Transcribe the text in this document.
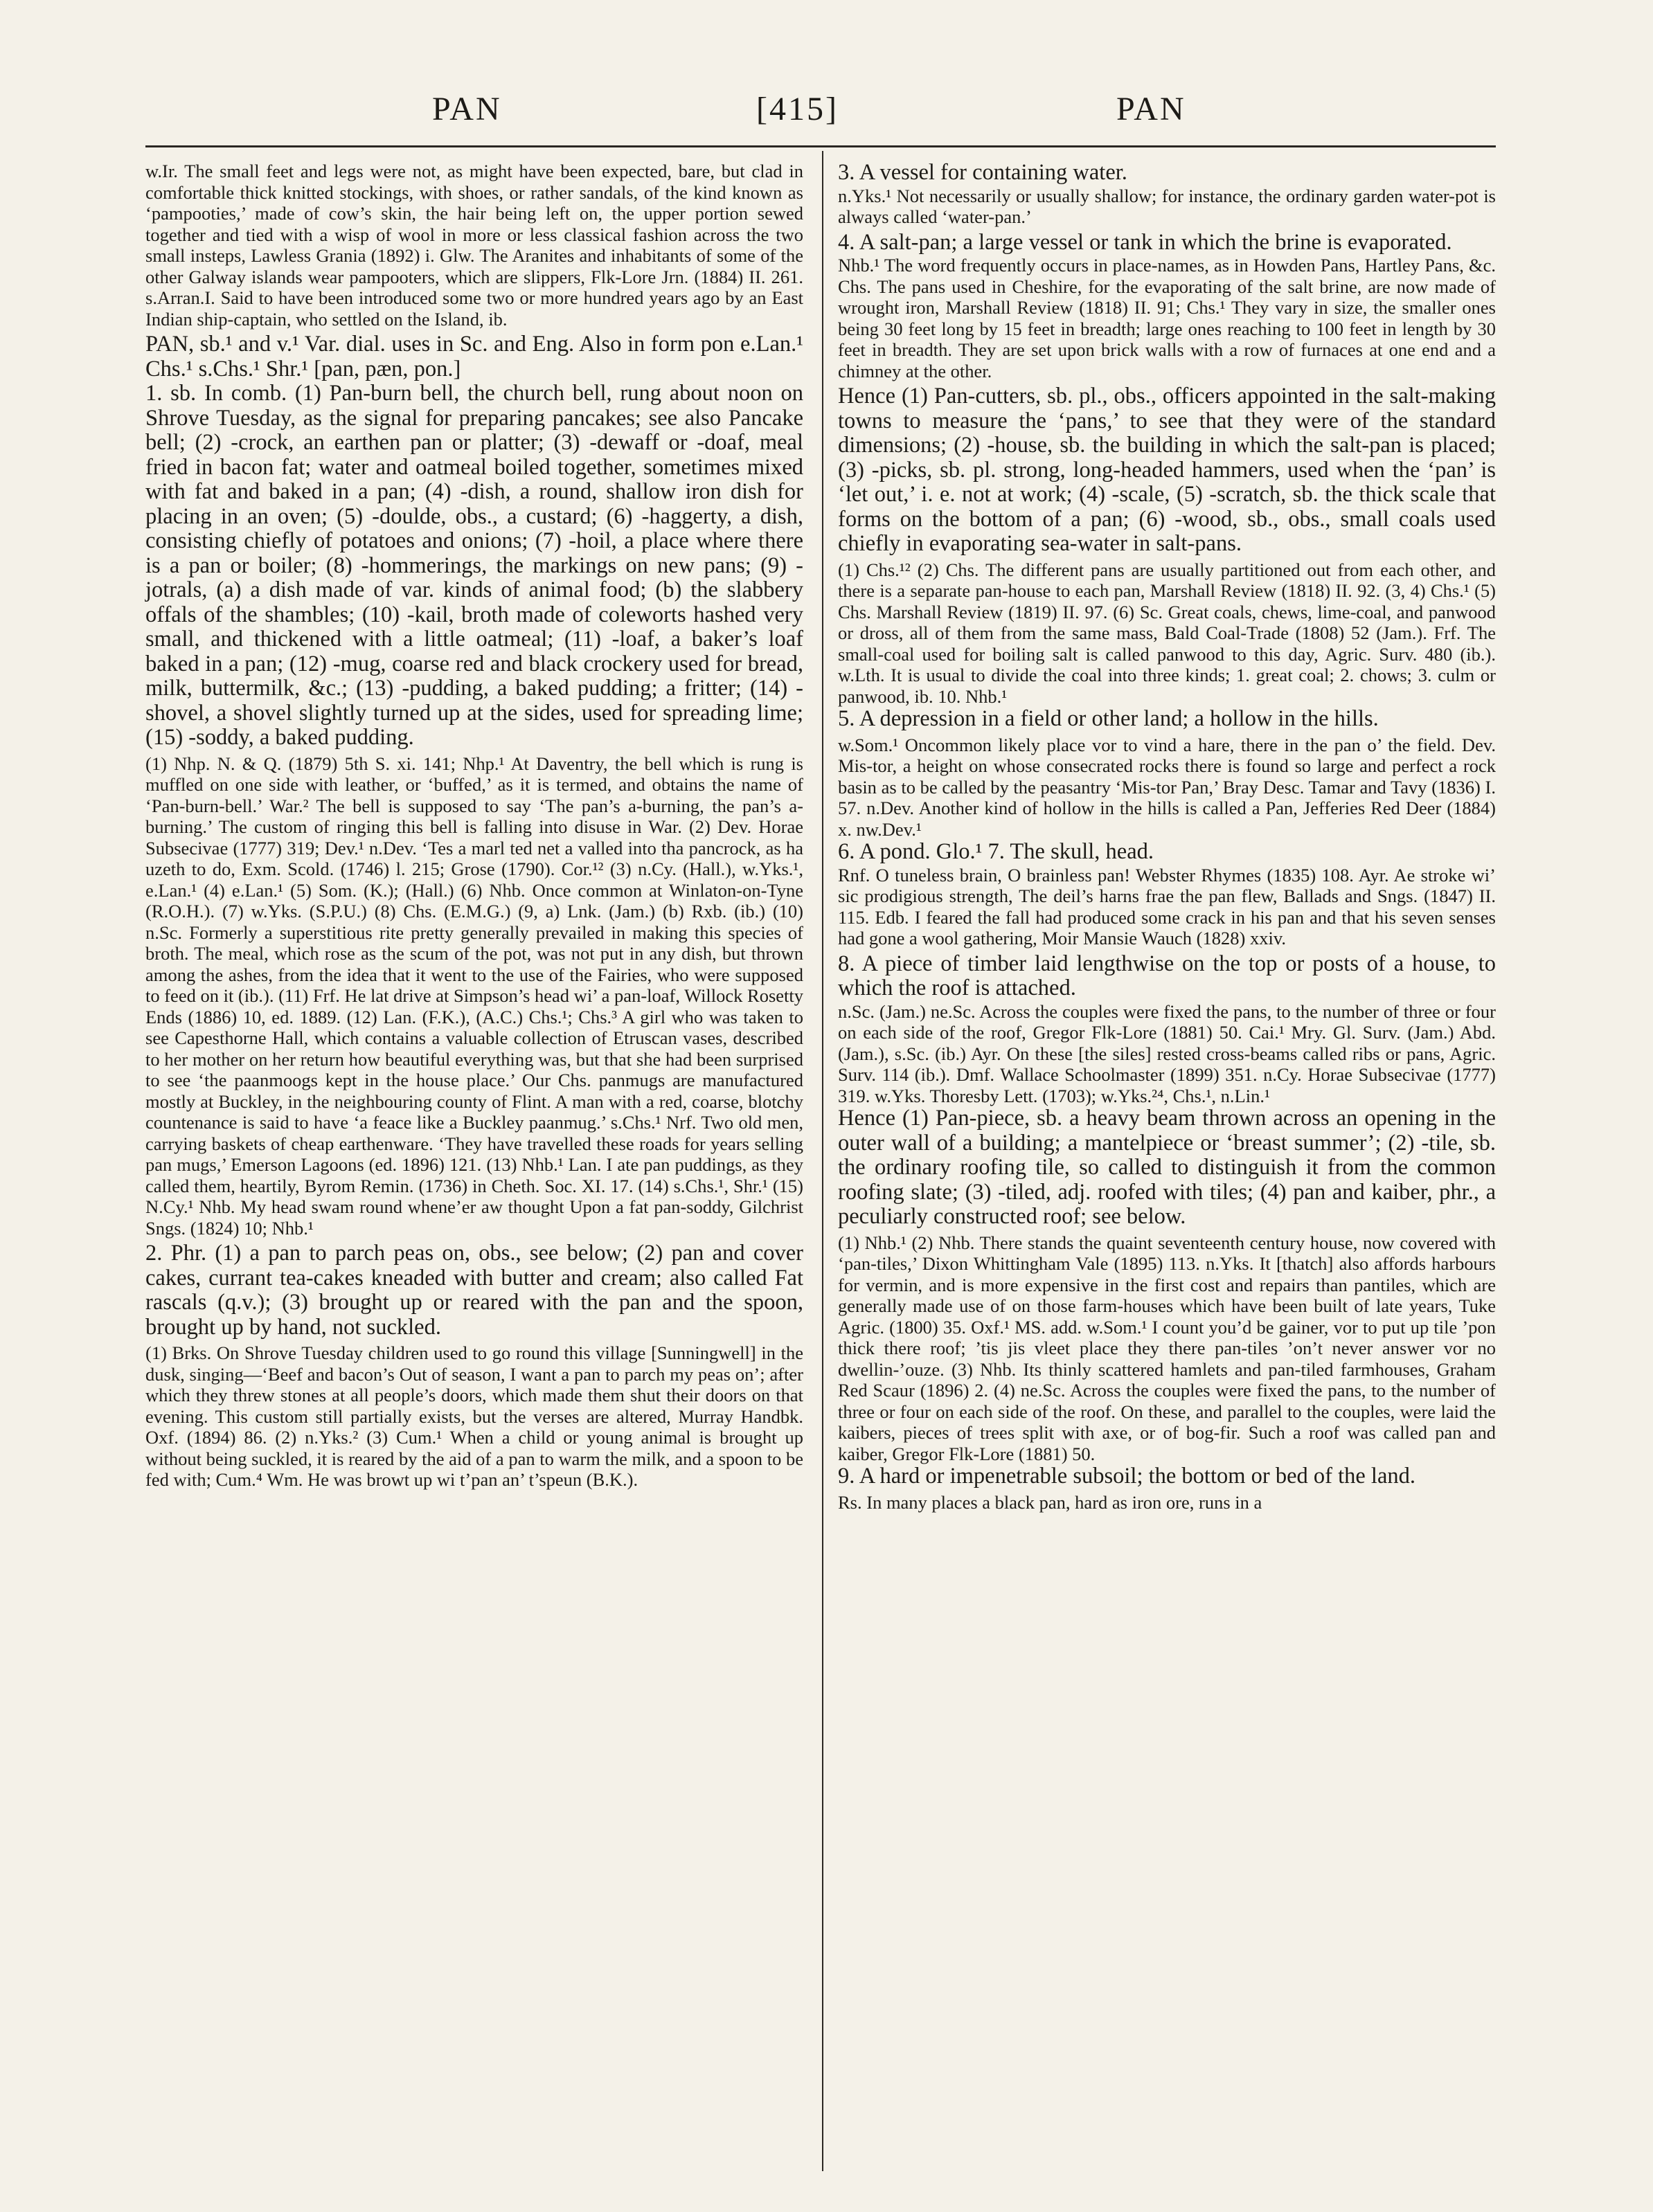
PAN	[415]	PAN

w.Ir. The small feet and legs were not, as might have been expected, bare, but clad in comfortable thick knitted stockings, with shoes, or rather sandals, of the kind known as ‘pampooties,’ made of cow’s skin, the hair being left on, the upper portion sewed together and tied with a wisp of wool in more or less classical fashion across the two small insteps, Lawless Grania (1892) i. Glw. The Aranites and inhabitants of some of the other Galway islands wear pampooters, which are slippers, Flk-Lore Jrn. (1884) II. 261. s.Arran.I. Said to have been introduced some two or more hundred years ago by an East Indian ship-captain, who settled on the Island, ib.

PAN, sb.¹ and v.¹ Var. dial. uses in Sc. and Eng. Also in form pon e.Lan.¹ Chs.¹ s.Chs.¹ Shr.¹ [pan, pæn, pon.]

1. sb. In comb. (1) Pan-burn bell, the church bell, rung about noon on Shrove Tuesday, as the signal for preparing pancakes; see also Pancake bell; (2) -crock, an earthen pan or platter; (3) -dewaff or -doaf, meal fried in bacon fat; water and oatmeal boiled together, sometimes mixed with fat and baked in a pan; (4) -dish, a round, shallow iron dish for placing in an oven; (5) -doulde, obs., a custard; (6) -haggerty, a dish, consisting chiefly of potatoes and onions; (7) -hoil, a place where there is a pan or boiler; (8) -hommerings, the markings on new pans; (9) -jotrals, (a) a dish made of var. kinds of animal food; (b) the slabbery offals of the shambles; (10) -kail, broth made of coleworts hashed very small, and thickened with a little oatmeal; (11) -loaf, a baker’s loaf baked in a pan; (12) -mug, coarse red and black crockery used for bread, milk, buttermilk, &c.; (13) -pudding, a baked pudding; a fritter; (14) -shovel, a shovel slightly turned up at the sides, used for spreading lime; (15) -soddy, a baked pudding.

(1) Nhp. N. & Q. (1879) 5th S. xi. 141; Nhp.¹ At Daventry, the bell which is rung is muffled on one side with leather, or ‘buffed,’ as it is termed, and obtains the name of ‘Pan-burn-bell.’ War.² The bell is supposed to say ‘The pan’s a-burning, the pan’s a-burning.’ The custom of ringing this bell is falling into disuse in War. (2) Dev. Horae Subsecivae (1777) 319; Dev.¹ n.Dev. ‘Tes a marl ted net a valled into tha pancrock, as ha uzeth to do, Exm. Scold. (1746) l. 215; Grose (1790). Cor.¹² (3) n.Cy. (Hall.), w.Yks.¹, e.Lan.¹ (4) e.Lan.¹ (5) Som. (K.); (Hall.) (6) Nhb. Once common at Winlaton-on-Tyne (R.O.H.). (7) w.Yks. (S.P.U.) (8) Chs. (E.M.G.) (9, a) Lnk. (Jam.) (b) Rxb. (ib.) (10) n.Sc. Formerly a superstitious rite pretty generally prevailed in making this species of broth. The meal, which rose as the scum of the pot, was not put in any dish, but thrown among the ashes, from the idea that it went to the use of the Fairies, who were supposed to feed on it (ib.). (11) Frf. He lat drive at Simpson’s head wi’ a pan-loaf, Willock Rosetty Ends (1886) 10, ed. 1889. (12) Lan. (F.K.), (A.C.) Chs.¹; Chs.³ A girl who was taken to see Capesthorne Hall, which contains a valuable collection of Etruscan vases, described to her mother on her return how beautiful everything was, but that she had been surprised to see ‘the paanmoogs kept in the house place.’ Our Chs. panmugs are manufactured mostly at Buckley, in the neighbouring county of Flint. A man with a red, coarse, blotchy countenance is said to have ‘a feace like a Buckley paanmug.’ s.Chs.¹ Nrf. Two old men, carrying baskets of cheap earthenware. ‘They have travelled these roads for years selling pan mugs,’ Emerson Lagoons (ed. 1896) 121. (13) Nhb.¹ Lan. I ate pan puddings, as they called them, heartily, Byrom Remin. (1736) in Cheth. Soc. XI. 17. (14) s.Chs.¹, Shr.¹ (15) N.Cy.¹ Nhb. My head swam round whene’er aw thought Upon a fat pan-soddy, Gilchrist Sngs. (1824) 10; Nhb.¹

2. Phr. (1) a pan to parch peas on, obs., see below; (2) pan and cover cakes, currant tea-cakes kneaded with butter and cream; also called Fat rascals (q.v.); (3) brought up or reared with the pan and the spoon, brought up by hand, not suckled.

(1) Brks. On Shrove Tuesday children used to go round this village [Sunningwell] in the dusk, singing—‘Beef and bacon’s Out of season, I want a pan to parch my peas on’; after which they threw stones at all people’s doors, which made them shut their doors on that evening. This custom still partially exists, but the verses are altered, Murray Handbk. Oxf. (1894) 86. (2) n.Yks.² (3) Cum.¹ When a child or young animal is brought up without being suckled, it is reared by the aid of a pan to warm the milk, and a spoon to be fed with; Cum.⁴ Wm. He was browt up wi t’pan an’ t’speun (B.K.).

3. A vessel for containing water.

n.Yks.¹ Not necessarily or usually shallow; for instance, the ordinary garden water-pot is always called ‘water-pan.’

4. A salt-pan; a large vessel or tank in which the brine is evaporated.

Nhb.¹ The word frequently occurs in place-names, as in Howden Pans, Hartley Pans, &c. Chs. The pans used in Cheshire, for the evaporating of the salt brine, are now made of wrought iron, Marshall Review (1818) II. 91; Chs.¹ They vary in size, the smaller ones being 30 feet long by 15 feet in breadth; large ones reaching to 100 feet in length by 30 feet in breadth. They are set upon brick walls with a row of furnaces at one end and a chimney at the other.

Hence (1) Pan-cutters, sb. pl., obs., officers appointed in the salt-making towns to measure the ‘pans,’ to see that they were of the standard dimensions; (2) -house, sb. the building in which the salt-pan is placed; (3) -picks, sb. pl. strong, long-headed hammers, used when the ‘pan’ is ‘let out,’ i. e. not at work; (4) -scale, (5) -scratch, sb. the thick scale that forms on the bottom of a pan; (6) -wood, sb., obs., small coals used chiefly in evaporating sea-water in salt-pans.

(1) Chs.¹² (2) Chs. The different pans are usually partitioned out from each other, and there is a separate pan-house to each pan, Marshall Review (1818) II. 92. (3, 4) Chs.¹ (5) Chs. Marshall Review (1819) II. 97. (6) Sc. Great coals, chews, lime-coal, and panwood or dross, all of them from the same mass, Bald Coal-Trade (1808) 52 (Jam.). Frf. The small-coal used for boiling salt is called panwood to this day, Agric. Surv. 480 (ib.). w.Lth. It is usual to divide the coal into three kinds; 1. great coal; 2. chows; 3. culm or panwood, ib. 10. Nhb.¹

5. A depression in a field or other land; a hollow in the hills.

w.Som.¹ Oncommon likely place vor to vind a hare, there in the pan o’ the field. Dev. Mis-tor, a height on whose consecrated rocks there is found so large and perfect a rock basin as to be called by the peasantry ‘Mis-tor Pan,’ Bray Desc. Tamar and Tavy (1836) I. 57. n.Dev. Another kind of hollow in the hills is called a Pan, Jefferies Red Deer (1884) x. nw.Dev.¹

6. A pond. Glo.¹ 7. The skull, head.

Rnf. O tuneless brain, O brainless pan! Webster Rhymes (1835) 108. Ayr. Ae stroke wi’ sic prodigious strength, The deil’s harns frae the pan flew, Ballads and Sngs. (1847) II. 115. Edb. I feared the fall had produced some crack in his pan and that his seven senses had gone a wool gathering, Moir Mansie Wauch (1828) xxiv.

8. A piece of timber laid lengthwise on the top or posts of a house, to which the roof is attached.

n.Sc. (Jam.) ne.Sc. Across the couples were fixed the pans, to the number of three or four on each side of the roof, Gregor Flk-Lore (1881) 50. Cai.¹ Mry. Gl. Surv. (Jam.) Abd. (Jam.), s.Sc. (ib.) Ayr. On these [the siles] rested cross-beams called ribs or pans, Agric. Surv. 114 (ib.). Dmf. Wallace Schoolmaster (1899) 351. n.Cy. Horae Subsecivae (1777) 319. w.Yks. Thoresby Lett. (1703); w.Yks.²⁴, Chs.¹, n.Lin.¹

Hence (1) Pan-piece, sb. a heavy beam thrown across an opening in the outer wall of a building; a mantelpiece or ‘breast summer’; (2) -tile, sb. the ordinary roofing tile, so called to distinguish it from the common roofing slate; (3) -tiled, adj. roofed with tiles; (4) pan and kaiber, phr., a peculiarly constructed roof; see below.

(1) Nhb.¹ (2) Nhb. There stands the quaint seventeenth century house, now covered with ‘pan-tiles,’ Dixon Whittingham Vale (1895) 113. n.Yks. It [thatch] also affords harbours for vermin, and is more expensive in the first cost and repairs than pantiles, which are generally made use of on those farm-houses which have been built of late years, Tuke Agric. (1800) 35. Oxf.¹ MS. add. w.Som.¹ I count you’d be gainer, vor to put up tile ’pon thick there roof; ’tis jis vleet place they there pan-tiles ’on’t never answer vor no dwellin-’ouze. (3) Nhb. Its thinly scattered hamlets and pan-tiled farmhouses, Graham Red Scaur (1896) 2. (4) ne.Sc. Across the couples were fixed the pans, to the number of three or four on each side of the roof. On these, and parallel to the couples, were laid the kaibers, pieces of trees split with axe, or of bog-fir. Such a roof was called pan and kaiber, Gregor Flk-Lore (1881) 50.

9. A hard or impenetrable subsoil; the bottom or bed of the land.

Rs. In many places a black pan, hard as iron ore, runs in a
